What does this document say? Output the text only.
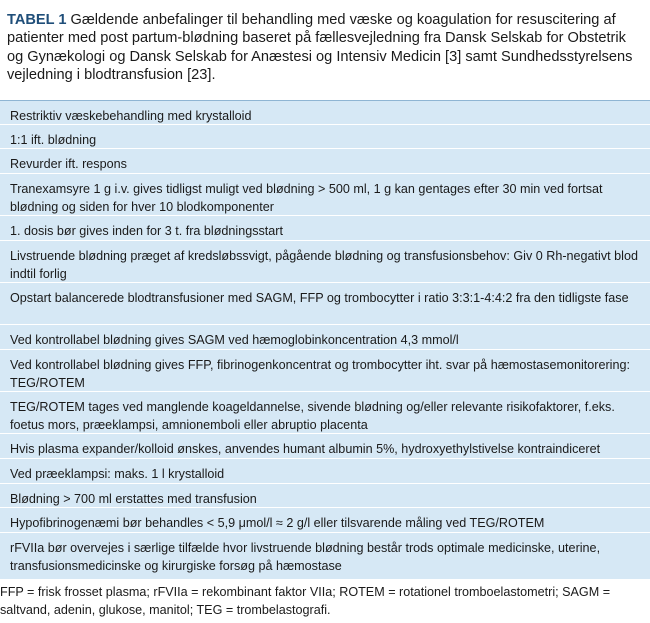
TABEL 1 Gældende anbefalinger til behandling med væske og koagulation for resuscitering af patienter med post partum-blødning baseret på fællesvejledning fra Dansk Selskab for Obstetrik og Gynækologi og Dansk Selskab for Anæstesi og Intensiv Medicin [3] samt Sundhedsstyrelsens vejledning i blodtransfusion [23].
Restriktiv væskebehandling med krystalloid
1:1 ift. blødning
Revurder ift. respons
Tranexamsyre 1 g i.v. gives tidligst muligt ved blødning > 500 ml, 1 g kan gentages efter 30 min ved fortsat blødning og siden for hver 10 blodkomponenter
1. dosis bør gives inden for 3 t. fra blødningsstart
Livstruende blødning præget af kredsløbssvigt, pågående blødning og transfusionsbehov: Giv 0 Rh-negativt blod indtil forlig
Opstart balancerede blodtransfusioner med SAGM, FFP og trombocytter i ratio 3:3:1-4:4:2 fra den tidligste fase
Ved kontrollabel blødning gives SAGM ved hæmoglobinkoncentration 4,3 mmol/l
Ved kontrollabel blødning gives FFP, fibrinogenkoncentrat og trombocytter iht. svar på hæmostasemonitorering: TEG/ROTEM
TEG/ROTEM tages ved manglende koageldannelse, sivende blødning og/eller relevante risikofaktorer, f.eks. foetus mors, præeklampsi, amnionemboli eller abruptio placenta
Hvis plasma expander/kolloid ønskes, anvendes humant albumin 5%, hydroxyethylstivelse kontraindiceret
Ved præeklampsi: maks. 1 l krystalloid
Blødning > 700 ml erstattes med transfusion
Hypofibrinogenæmi bør behandles < 5,9 μmol/l ≈ 2 g/l eller tilsvarende måling ved TEG/ROTEM
rFVIIa bør overvejes i særlige tilfælde hvor livstruende blødning består trods optimale medicinske, uterine, transfusionsmedicinske og kirurgiske forsøg på hæmostase
FFP = frisk frosset plasma; rFVIIa = rekombinant faktor VIIa; ROTEM = rotationel tromboelastometri; SAGM = saltvand, adenin, glukose, manitol; TEG = trombelastografi.
